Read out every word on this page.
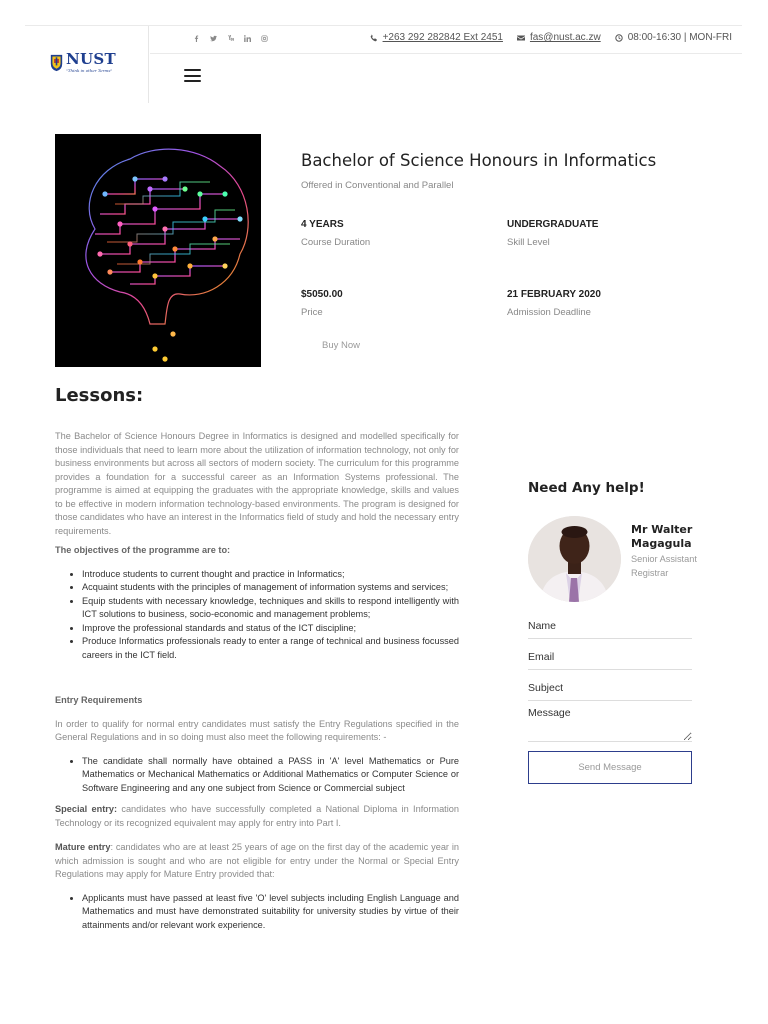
NUST
"Think in other Terms"
+263 292 282842 Ext 2451	fas@nust.ac.zw	08:00-16:30 | MON-FRI
Bachelor of Science Honours in Informatics
Offered in Conventional and Parallel
4 YEARS
Course Duration
UNDERGRADUATE
Skill Level
$5050.00
Price
21 FEBRUARY 2020
Admission Deadline
Buy Now
Lessons:

The Bachelor of Science Honours Degree in Informatics is designed and modelled specifically for those individuals that need to learn more about the utilization of information technology, not only for business environments but across all sectors of modern society. The curriculum for this programme provides a foundation for a successful career as an Information Systems professional. The programme is aimed at equipping the graduates with the appropriate knowledge, skills and values to be effective in modern information technology-based environments. The program is designed for those candidates who have an interest in the Informatics field of study and hold the necessary entry requirements.

The objectives of the programme are to:

• Introduce students to current thought and practice in Informatics;
• Acquaint students with the principles of management of information systems and services;
• Equip students with necessary knowledge, techniques and skills to respond intelligently with ICT solutions to business, socio-economic and management problems;
• Improve the professional standards and status of the ICT discipline;
• Produce Informatics professionals ready to enter a range of technical and business focussed careers in the ICT field.

Entry Requirements

In order to qualify for normal entry candidates must satisfy the Entry Regulations specified in the General Regulations and in so doing must also meet the following requirements: -

• The candidate shall normally have obtained a PASS in 'A' level Mathematics or Pure Mathematics or Mechanical Mathematics or Additional Mathematics or Computer Science or Software Engineering and any one subject from Science or Commercial subject

Special entry: candidates who have successfully completed a National Diploma in Information Technology or its recognized equivalent may apply for entry into Part I.

Mature entry: candidates who are at least 25 years of age on the first day of the academic year in which admission is sought and who are not eligible for entry under the Normal or Special Entry Regulations may apply for Mature Entry provided that:

• Applicants must have passed at least five 'O' level subjects including English Language and Mathematics and must have demonstrated suitability for university studies by virtue of their attainments and/or relevant work experience.
Need Any help!
Mr Walter Magagula
Senior Assistant Registrar
Name
Email
Subject
Message
Send Message
